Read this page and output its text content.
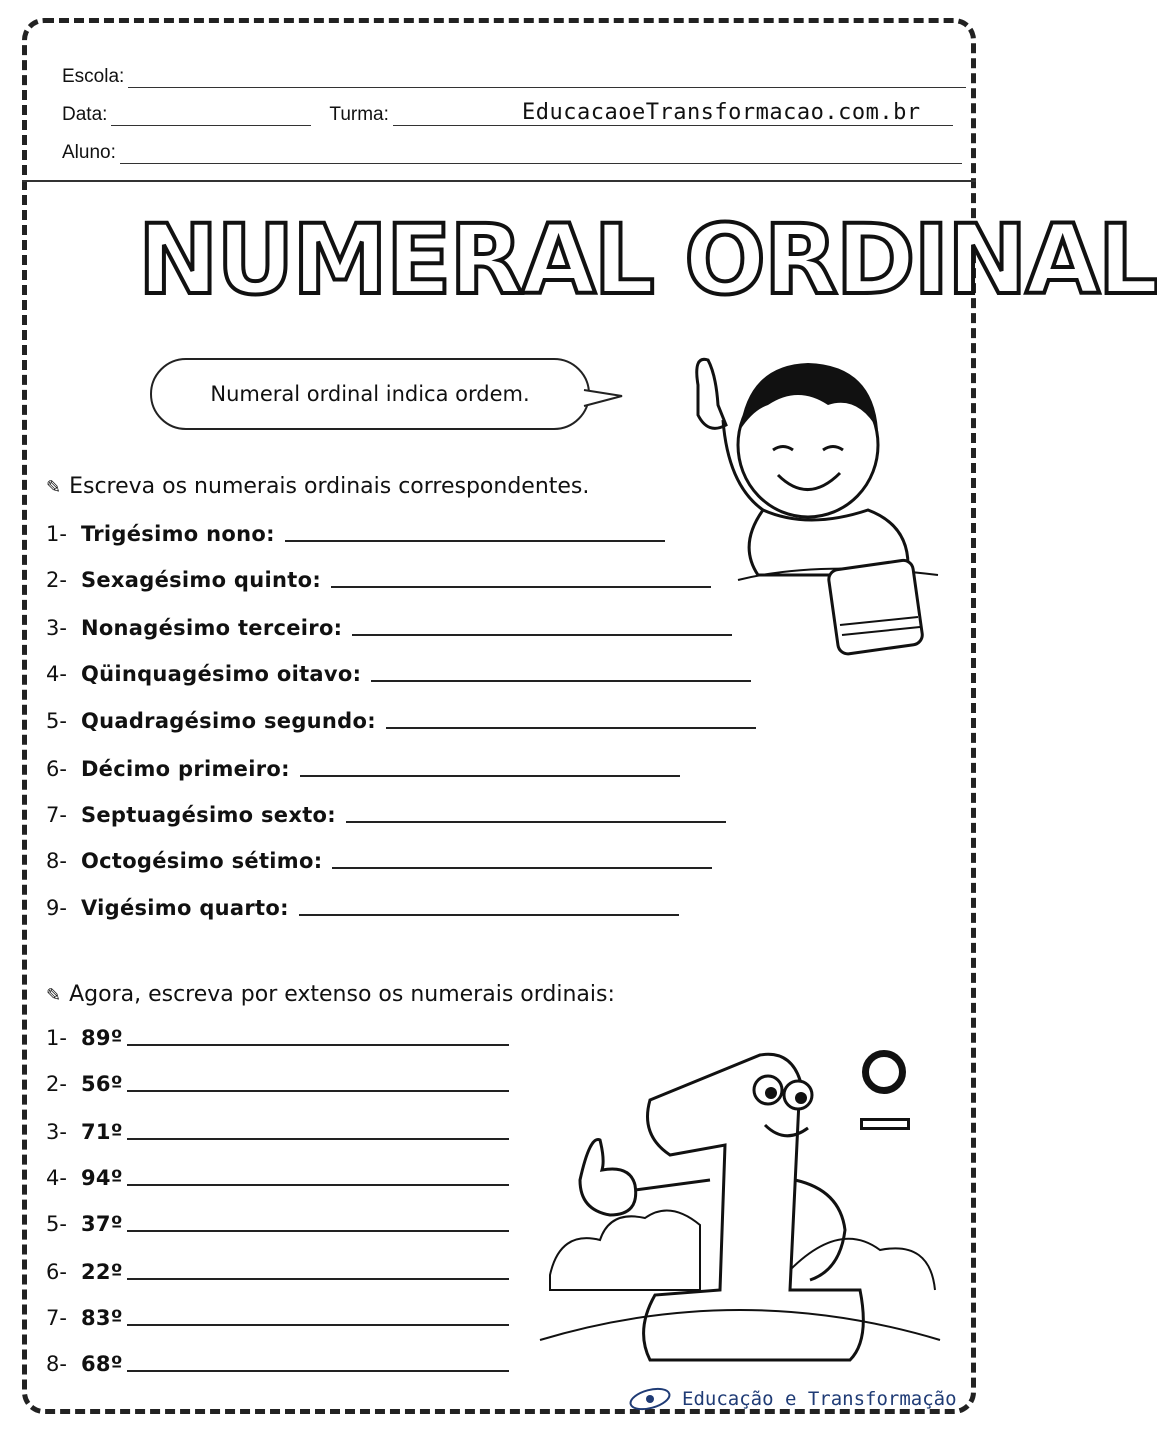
Escola:
Data:	Turma:	EducacaoeTransformacao.com.br
Aluno:
NUMERAL ORDINAL
Numeral ordinal indica ordem.
✎ Escreva os numerais ordinais correspondentes.
1- Trigésimo nono:
2- Sexagésimo quinto:
3- Nonagésimo terceiro:
4- Qüinquagésimo oitavo:
5- Quadragésimo segundo:
6- Décimo primeiro:
7- Septuagésimo sexto:
8- Octogésimo sétimo:
9- Vigésimo quarto:
✎ Agora, escreva por extenso os numerais ordinais:
1- 89º
2- 56º
3- 71º
4- 94º
5- 37º
6- 22º
7- 83º
8- 68º
Educação e Transformação
